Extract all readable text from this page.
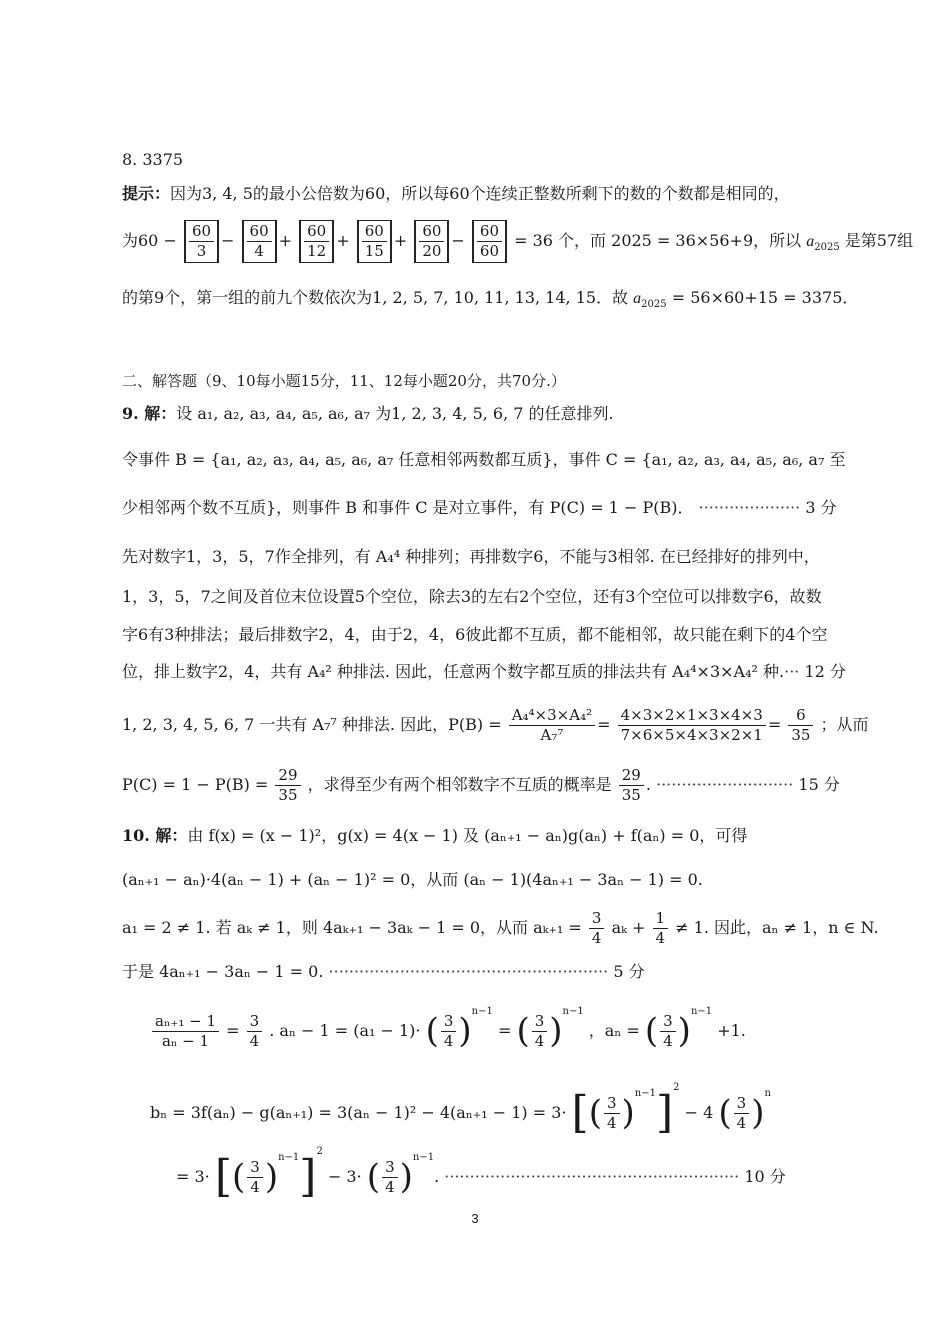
8. 3375
提示：因为3, 4, 5的最小公倍数为60，所以每60个连续正整数所剩下的数的个数都是相同的，
为$60 - \frac{60}{3} - \frac{60}{4} + \frac{60}{12} + \frac{60}{15} + \frac{60}{20} - \frac{60}{60} = 36$ 个，而 2025 = 36×56+9，所以 $a_{2025}$ 是第57组
的第9个，第一组的前九个数依次为1, 2, 5, 7, 10, 11, 13, 14, 15．故 $a_{2025} = 56\times 60+15 = 3375$．
二、解答题（9、10每小题15分，11、12每小题20分，共70分.）
9. 解：设 a₁, a₂, a₃, a₄, a₅, a₆, a₇ 为1, 2, 3, 4, 5, 6, 7 的任意排列.
令事件 B = {a₁, a₂, a₃, a₄, a₅, a₆, a₇ 任意相邻两数都互质}，事件 C = {a₁, a₂, a₃, a₄, a₅, a₆, a₇ 至
少相邻两个数不互质}，则事件 B 和事件 C 是对立事件，有 P(C) = 1 − P(B)． ···················· 3 分
先对数字1，3，5，7作全排列，有 A₄⁴ 种排列；再排数字6，不能与3相邻. 在已经排好的排列中，
1，3，5，7之间及首位末位设置5个空位，除去3的左右2个空位，还有3个空位可以排数字6，故数
字6有3种排法；最后排数字2，4，由于2，4，6彼此都不互质，都不能相邻，故只能在剩下的4个空
位，排上数字2，4，共有 A₄² 种排法. 因此，任意两个数字都互质的排法共有 A₄⁴×3×A₄² 种.··· 12 分
1, 2, 3, 4, 5, 6, 7 一共有 A₇⁷ 种排法. 因此，$P(B) = \frac{\text{A₄⁴×3×A₄²}}{\text{A₇⁷}} = \frac{4\times 3\times 2\times 1\times 3\times 4\times 3}{7\times 6\times 5\times 4\times 3\times 2\times 1} = \frac{6}{35}$ ；从而
$P(C) = 1 - P(B) = \frac{29}{35}$ ，求得至少有两个相邻数字不互质的概率是 $\frac{29}{35}$ . ··························· 15 分
10. 解：由 f(x) = (x − 1)²，g(x) = 4(x − 1) 及 (aₙ₊₁ − aₙ)g(aₙ) + f(aₙ) = 0，可得
(aₙ₊₁ − aₙ)·4(aₙ − 1) + (aₙ − 1)² = 0，从而 (aₙ − 1)(4aₙ₊₁ − 3aₙ − 1) = 0.
a₁ = 2 ≠ 1. 若 aₖ ≠ 1，则 4aₖ₊₁ − 3aₖ − 1 = 0，从而 $a_{k+1} = \frac{3}{4}$ $a_k + \frac{1}{4} \ne 1$. 因此，aₙ ≠ 1，n ∈ N.
于是 4aₙ₊₁ − 3aₙ − 1 = 0. ······················································· 5 分
$\frac{\text{aₙ₊₁ − 1}}{\text{aₙ − 1}} = \frac{3}{4}$ . aₙ − 1 = (a₁ − 1)· ( $\frac{3}{4} )^{n-1}$ = ( $\frac{3}{4} )^{n-1}$ ，aₙ = ( $\frac{3}{4} )^{n-1} +1$.
bₙ = 3f(aₙ) − g(aₙ₊₁) = 3(aₙ − 1)² − 4(aₙ₊₁ − 1) = 3· [( $\frac{3}{4} )^{n-1}]^2 - 4$ ( $\frac{3}{4} )^n$
= 3· [( $\frac{3}{4} )^{n-1}]^2 - 3\cdot$ ( $\frac{3}{4} )^{n-1}$. ·························································· 10 分
3
